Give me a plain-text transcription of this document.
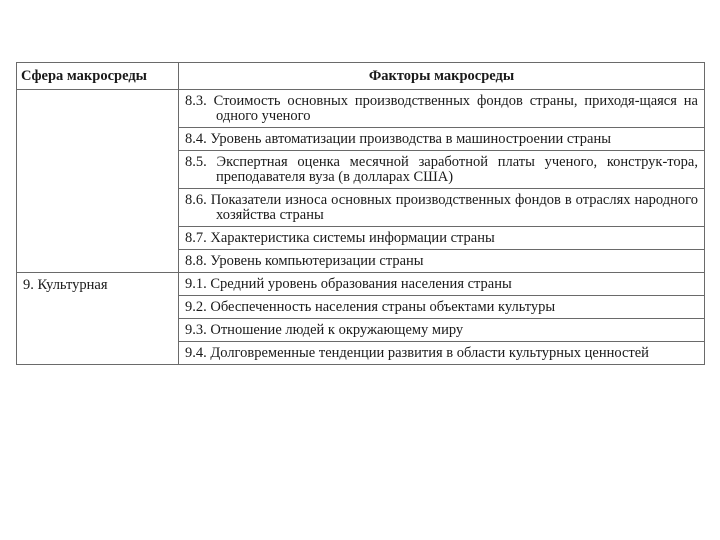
Сфера макросреды	Факторы макросреды

	8.3. Стоимость основных производственных фондов страны, приходя-щаяся на одного ученого

	8.4. Уровень автоматизации производства в машиностроении страны

	8.5. Экспертная оценка месячной заработной платы ученого, конструк-тора, преподавателя вуза (в долларах США)

	8.6. Показатели износа основных производственных фондов в отраслях народного хозяйства страны

	8.7. Характеристика системы информации страны

	8.8. Уровень компьютеризации страны

9. Культурная	9.1. Средний уровень образования населения страны

	9.2. Обеспеченность населения страны объектами культуры

	9.3. Отношение людей к окружающему миру

	9.4. Долговременные тенденции развития в области культурных ценностей
